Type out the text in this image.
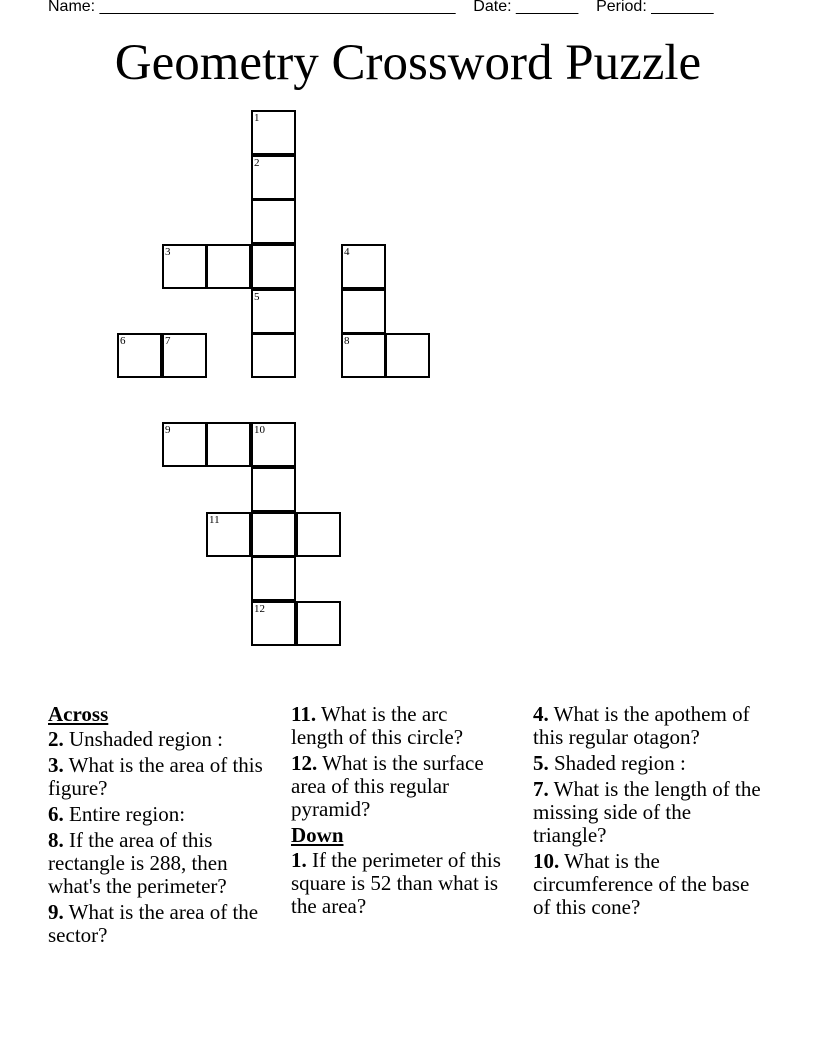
Name: ________________________________________ Date: _______ Period: _______
Geometry Crossword Puzzle
1
2
3	4
8
5
6	7
9	10
12
11
Across
2. Unshaded region :
3. What is the area of this figure?
6. Entire region:
8. If the area of this rectangle is 288, then what's the perimeter?
9. What is the area of the sector?
11. What is the arc length of this circle?
12. What is the surface area of this regular pyramid?
Down
1. If the perimeter of this square is 52 than what is the area?
4. What is the apothem of this regular otagon?
5. Shaded region :
7. What is the length of the missing side of the triangle?
10. What is the circumference of the base of this cone?
